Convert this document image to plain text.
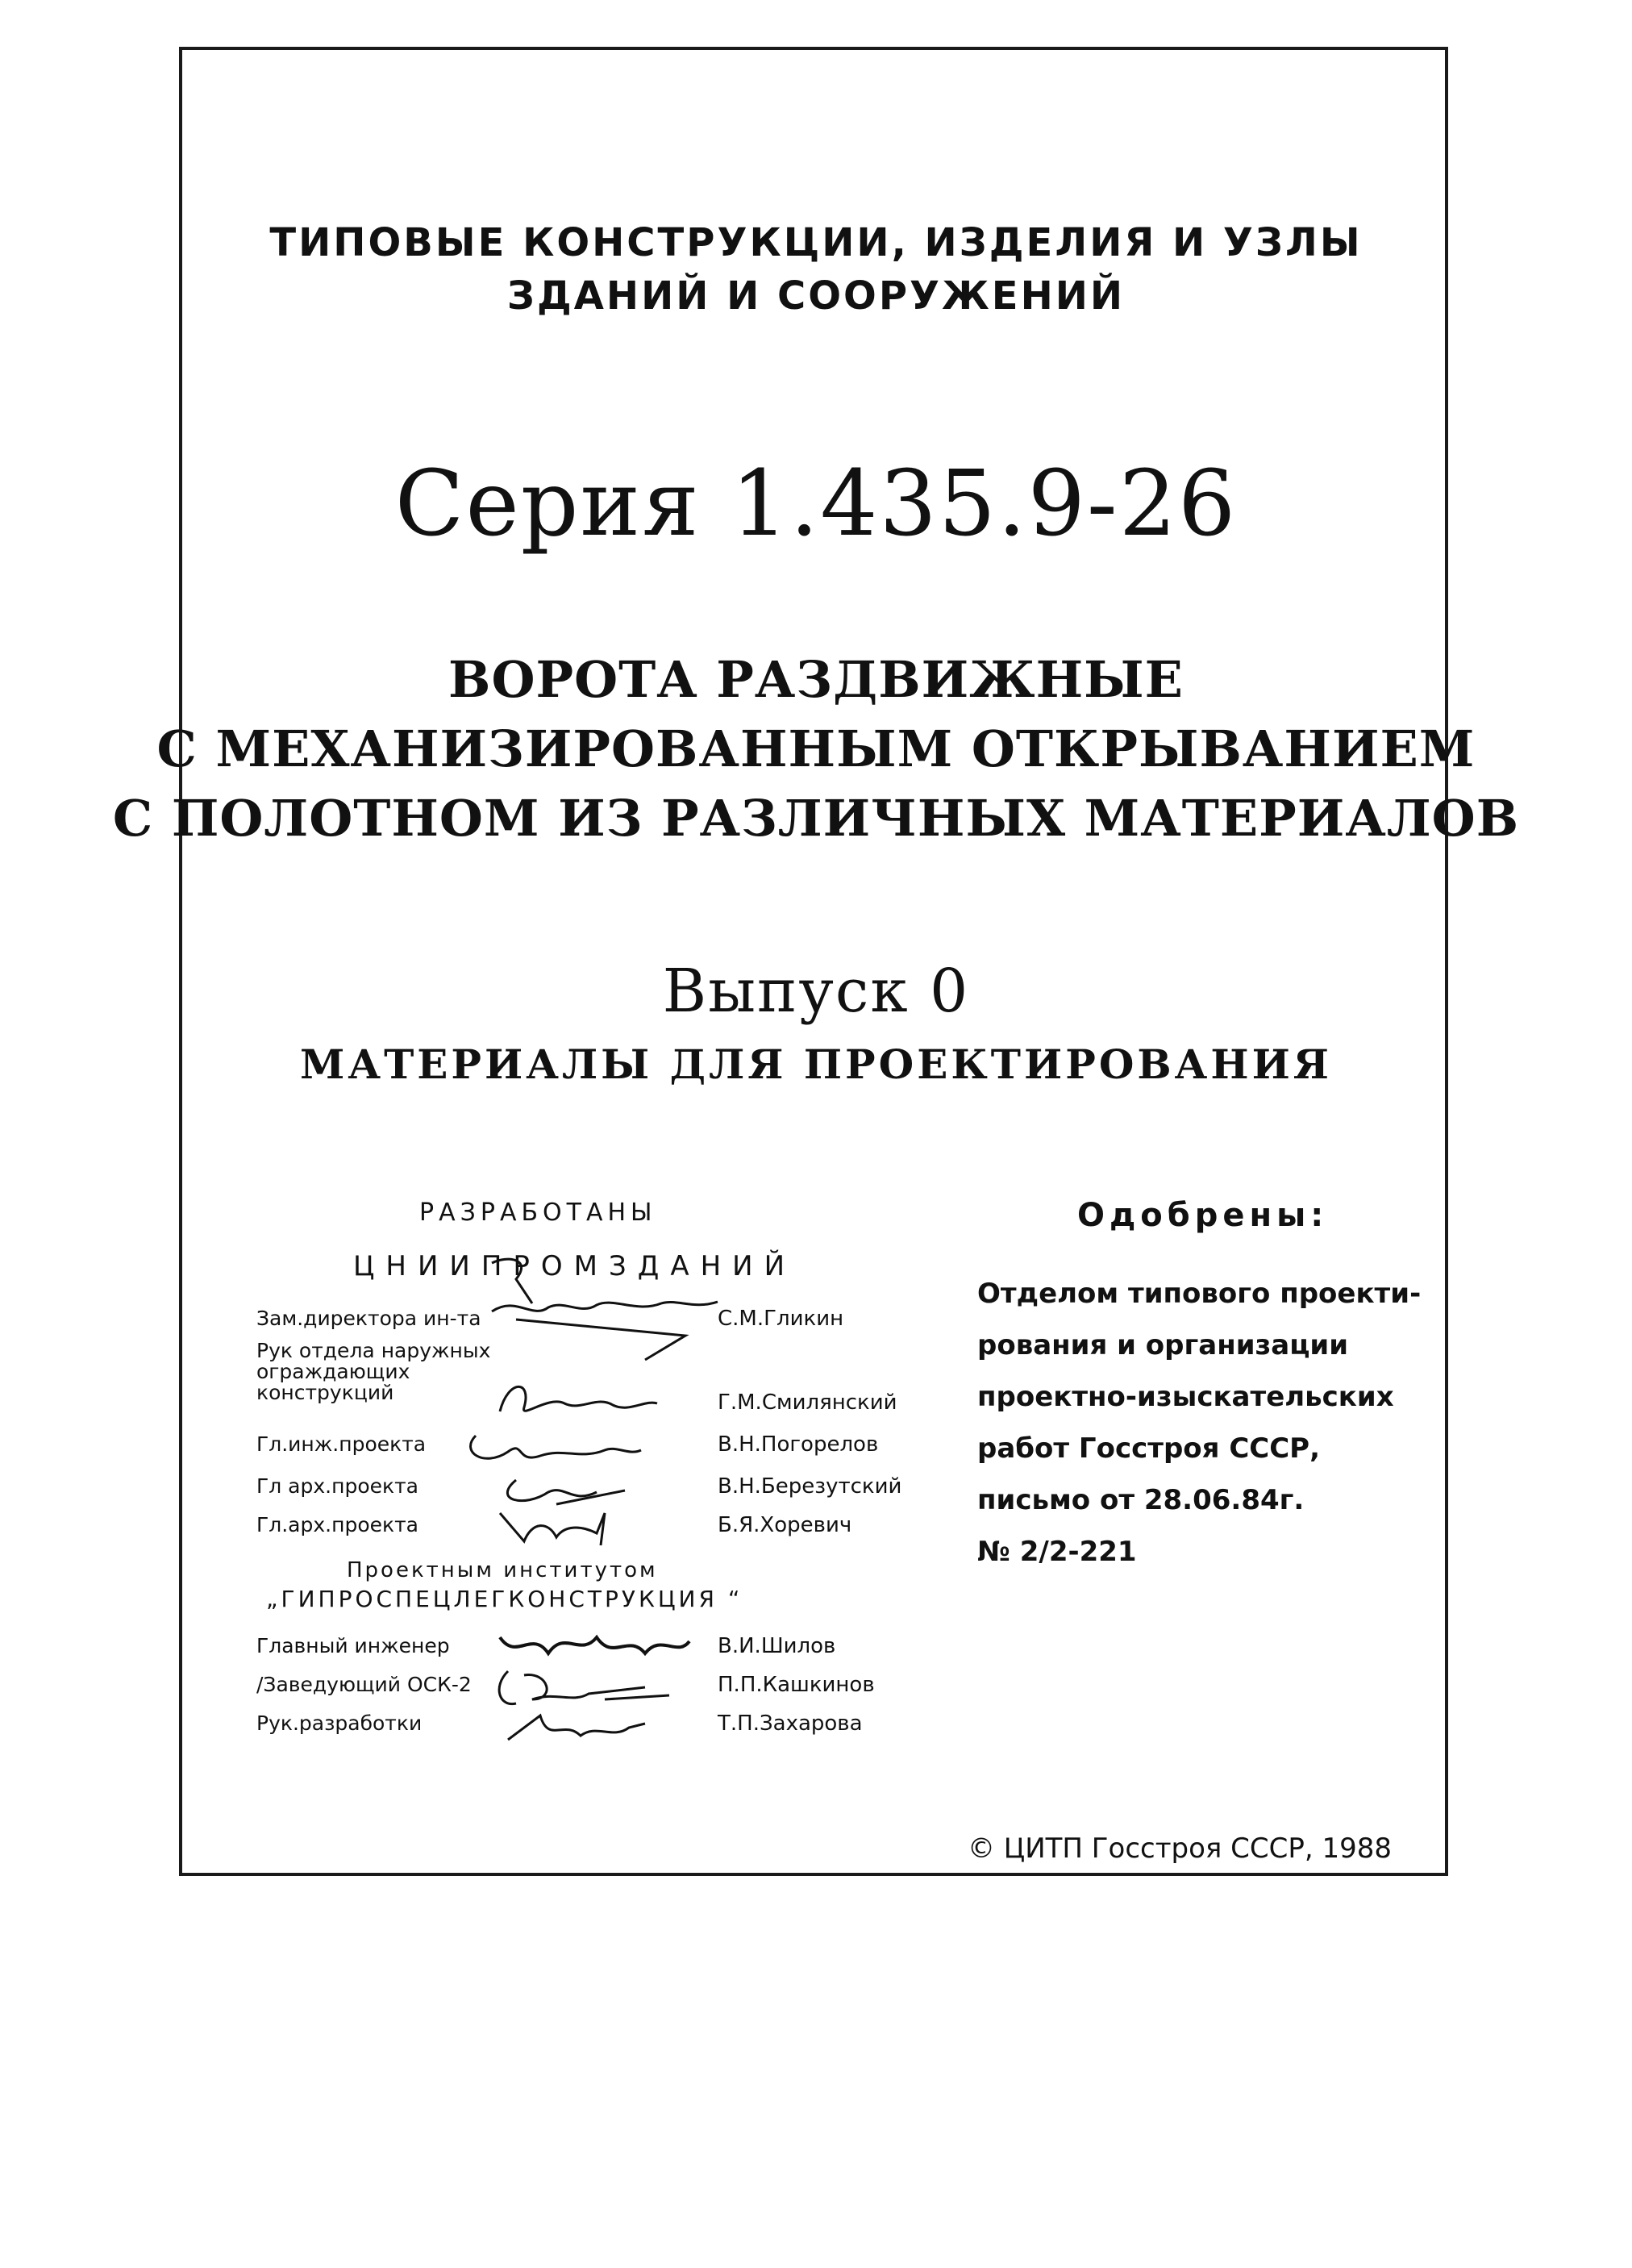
ТИПОВЫЕ КОНСТРУКЦИИ, ИЗДЕЛИЯ И УЗЛЫ
ЗДАНИЙ И СООРУЖЕНИЙ
Серия 1.435.9-26
ВОРОТА РАЗДВИЖНЫЕ
С МЕХАНИЗИРОВАННЫМ ОТКРЫВАНИЕМ
С ПОЛОТНОМ ИЗ РАЗЛИЧНЫХ МАТЕРИАЛОВ
Выпуск 0
МАТЕРИАЛЫ ДЛЯ ПРОЕКТИРОВАНИЯ
РАЗРАБОТАНЫ
ЦНИИПРОМЗДАНИЙ
Зам.директора ин-та	С.М.Гликин
Рук отдела наружных ограждающих конструкций	Г.М.Смилянский
Гл.инж.проекта	В.Н.Погорелов
Гл арх.проекта	В.Н.Березутский
Гл.арх.проекта	Б.Я.Хоревич
Проектным институтом
„ГИПРОСПЕЦЛЕГКОНСТРУКЦИЯ “
Главный инженер	В.И.Шилов
/Заведующий ОСК-2	П.П.Кашкинов
Рук.разработки	Т.П.Захарова
Одобрены:
Отделом типового проекти-
рования и организации
проектно-изыскательских
работ Госстроя СССР,
письмо от 28.06.84г.
№ 2/2-221
© ЦИТП Госстроя СССР, 1988
